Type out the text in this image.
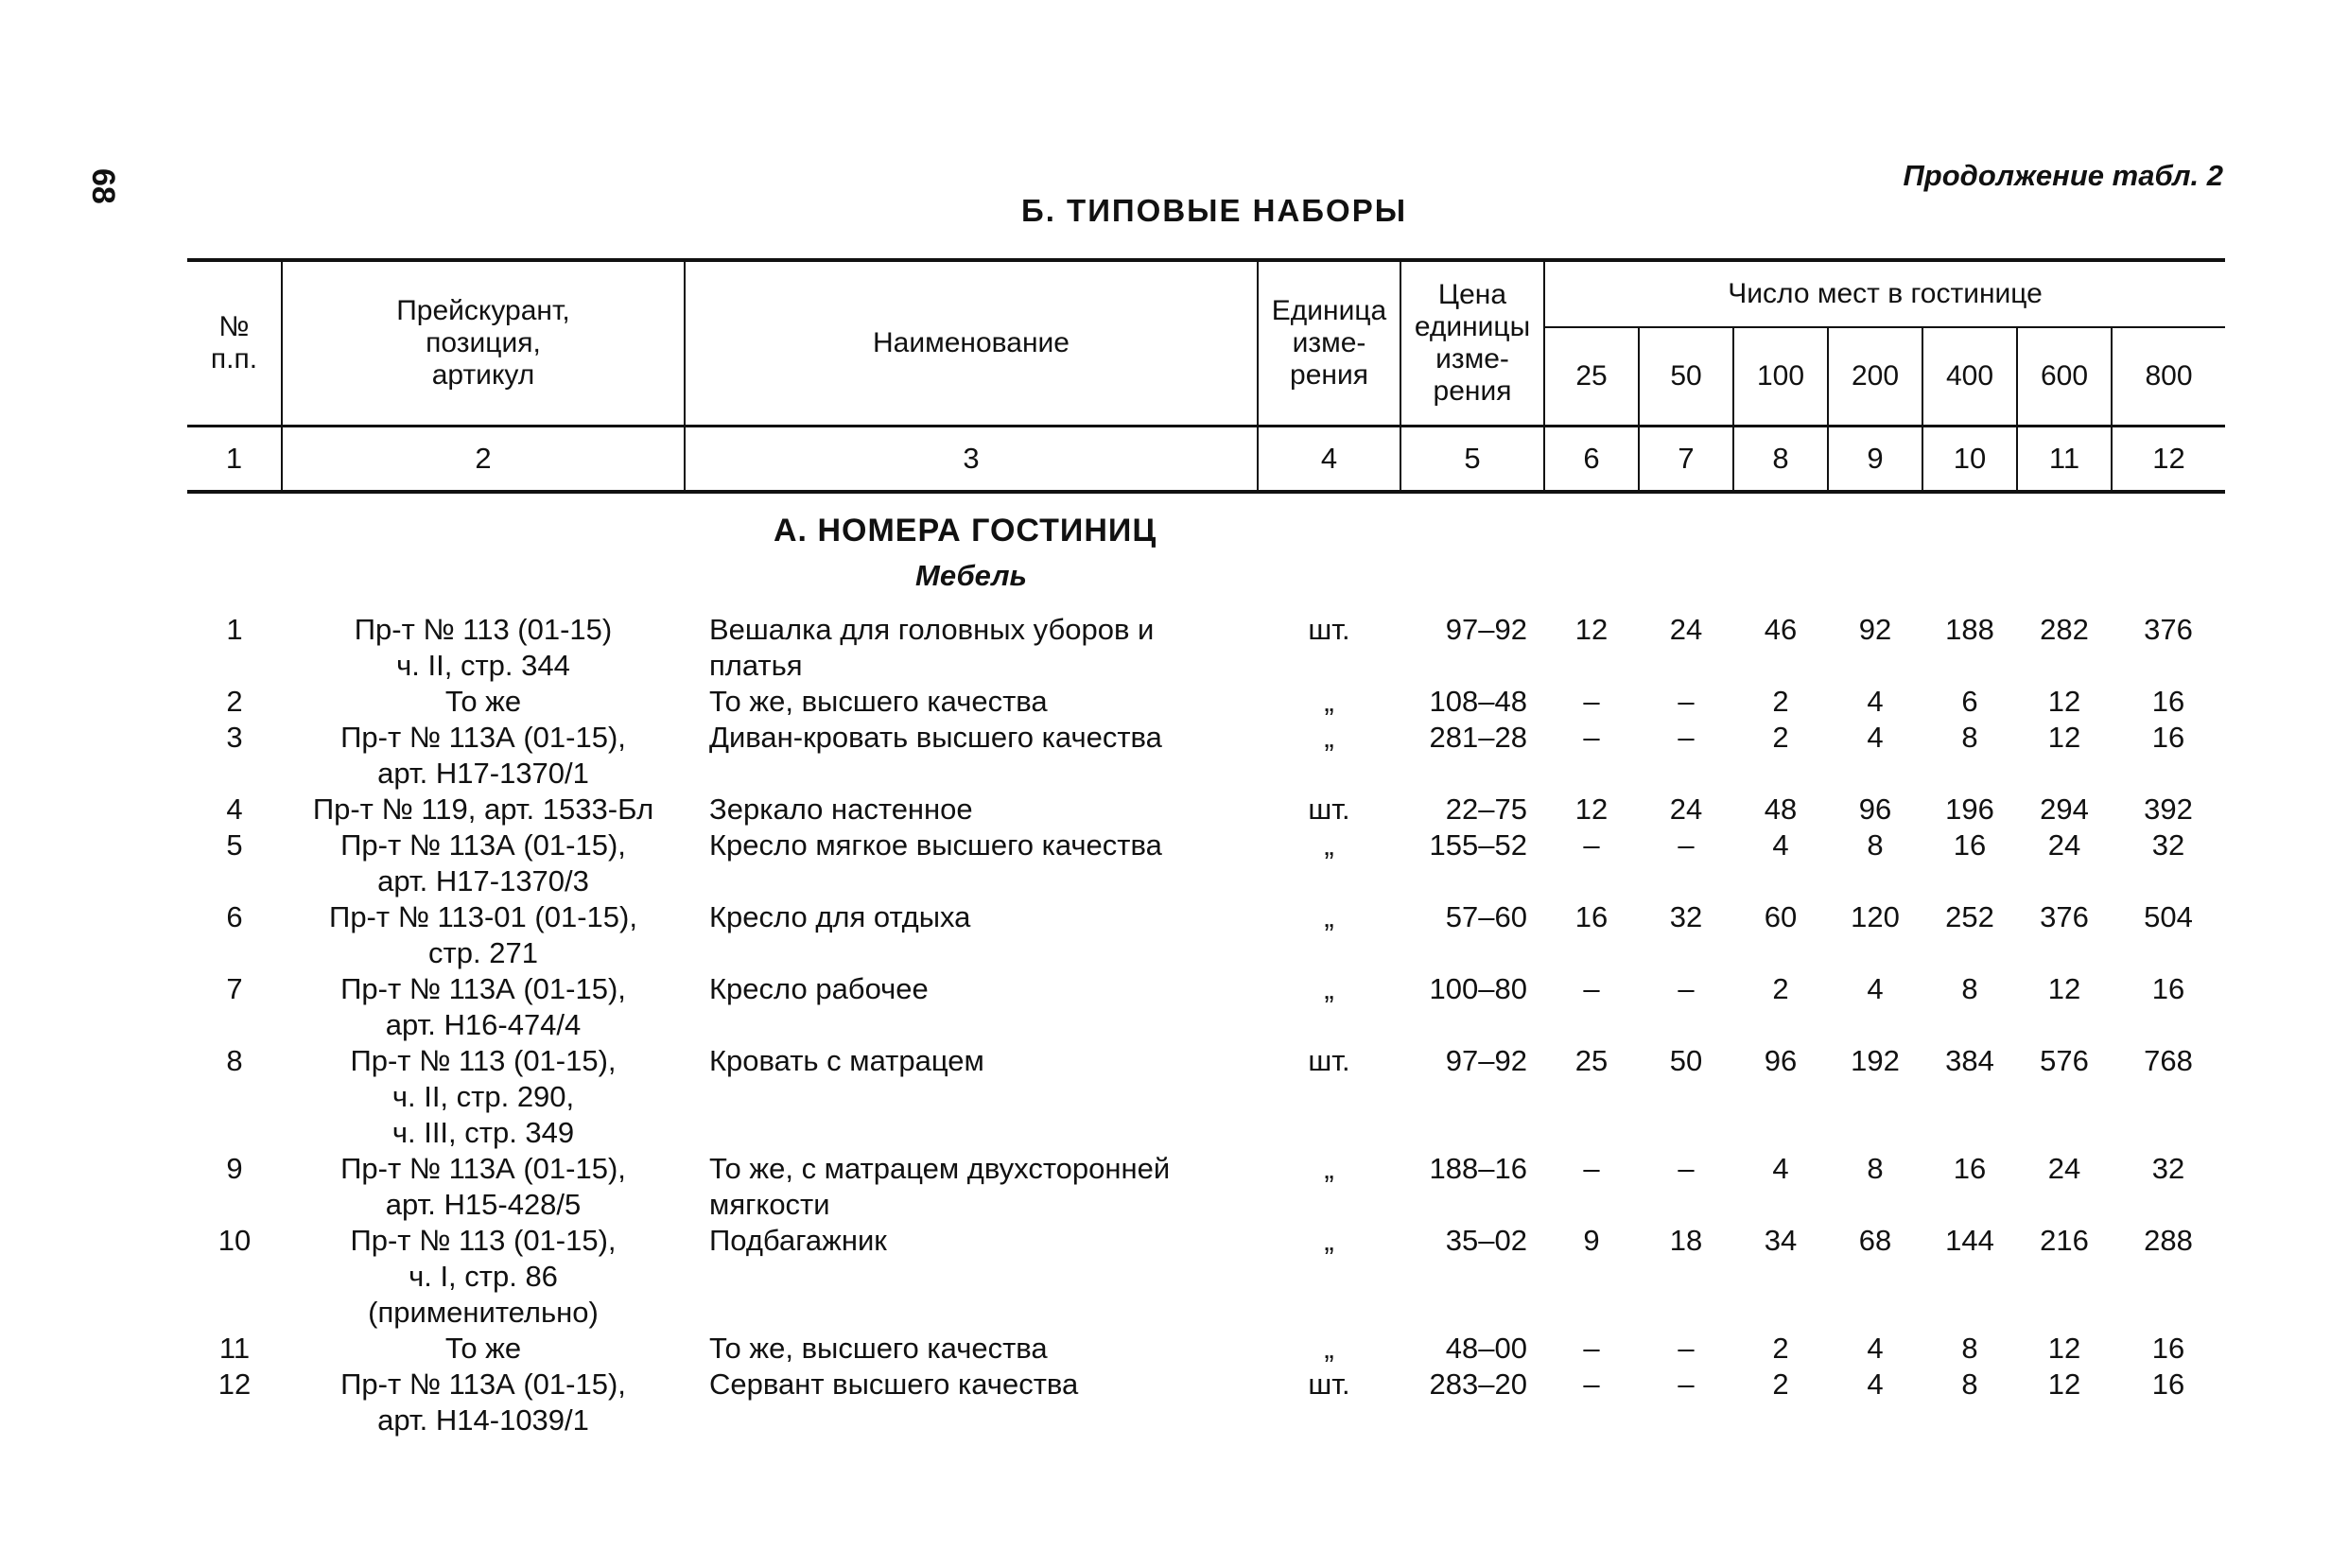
68
Б. ТИПОВЫЕ НАБОРЫ
Продолжение табл. 2
№
п.п.	Прейскурант,
позиция,
артикул	Наименование	Единица
изме-
рения	Цена
единицы
изме-
рения	Число мест в гостинице						
					25	50	100	200	400	600	800
1	2	3	4	5	6	7	8	9	10	11	12
А. НОМЕРА ГОСТИНИЦ											
Мебель											
1	Пр-т № 113 (01-15)
ч. II, стр. 344	Вешалка для головных уборов и
платья	шт.	97–92	12	24	46	92	188	282	376
2	То же	То же, высшего качества	„	108–48	–	–	2	4	6	12	16
3	Пр-т № 113А (01-15),
арт. Н17-1370/1	Диван-кровать высшего качества	„	281–28	–	–	2	4	8	12	16
4	Пр-т № 119, арт. 1533-Бл	Зеркало настенное	шт.	22–75	12	24	48	96	196	294	392
5	Пр-т № 113А (01-15),
арт. Н17-1370/3	Кресло мягкое высшего качества	„	155–52	–	–	4	8	16	24	32
6	Пр-т № 113-01 (01-15),
стр. 271	Кресло для отдыха	„	57–60	16	32	60	120	252	376	504
7	Пр-т № 113А (01-15),
арт. Н16-474/4	Кресло рабочее	„	100–80	–	–	2	4	8	12	16
8	Пр-т № 113 (01-15),
ч. II, стр. 290,
ч. III, стр. 349	Кровать с матрацем	шт.	97–92	25	50	96	192	384	576	768
9	Пр-т № 113А (01-15),
арт. Н15-428/5	То же, с матрацем двухсторонней
мягкости	„	188–16	–	–	4	8	16	24	32
10	Пр-т № 113 (01-15),
ч. I, стр. 86
(применительно)	Подбагажник	„	35–02	9	18	34	68	144	216	288
11	То же	То же, высшего качества	„	48–00	–	–	2	4	8	12	16
12	Пр-т № 113А (01-15),
арт. Н14-1039/1	Сервант высшего качества	шт.	283–20	–	–	2	4	8	12	16
